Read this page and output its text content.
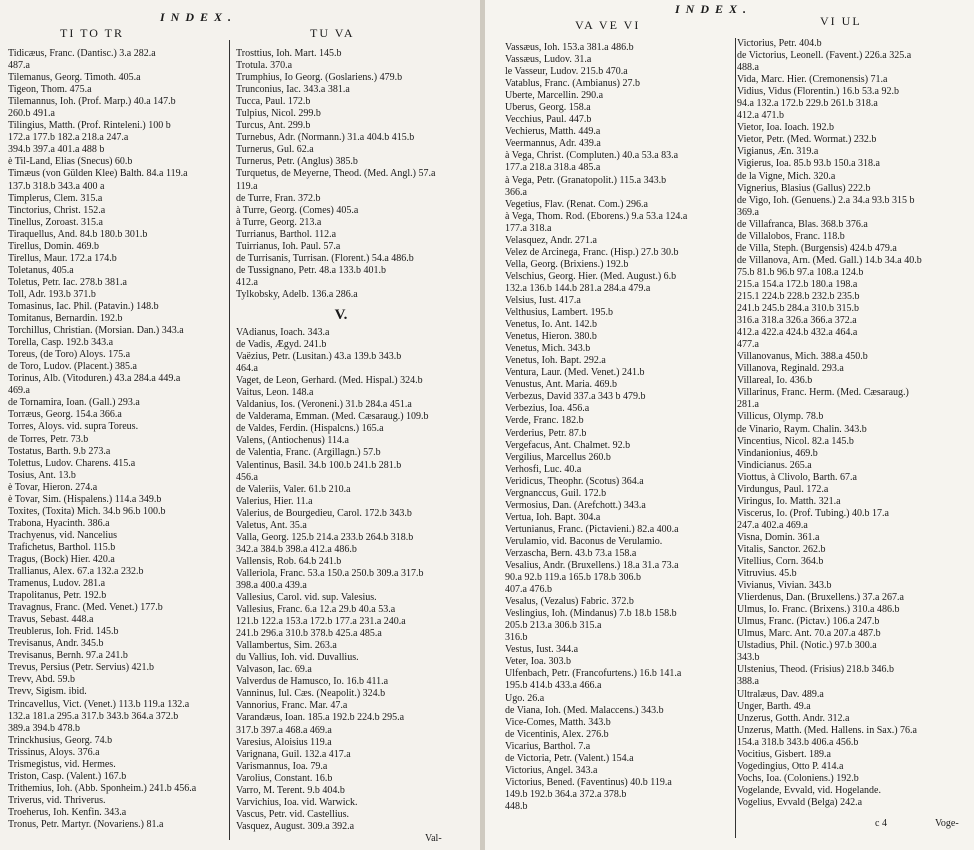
INDEX.
TI TO TR	TU VA
Tidicæus, Franc. (Dantisc.) 3.a 282.a
487.a
Tilemanus, Georg. Timoth. 405.a
Tigeon, Thom. 475.a
Tilemannus, Ioh. (Prof. Marp.) 40.a 147.b
260.b 491.a
Tilingius, Matth. (Prof. Rinteleni.) 100 b
172.a 177.b 182.a 218.a 247.a
394.b 397.a 401.a 488 b
è Til-Land, Elias (Snecus) 60.b
Timæus (von Gülden Klee) Balth. 84.a 119.a
137.b 318.b 343.a 400 a
Timplerus, Clem. 315.a
Tinctorius, Christ. 152.a
Tinellus, Zoroast. 315.a
Tiraquellus, And. 84.b 180.b 301.b
Tirellus, Domin. 469.b
Tirellus, Maur. 172.a 174.b
Toletanus, 405.a
Toletus, Petr. Iac. 278.b 381.a
Toll, Adr. 193.b 371.b
Tomasinus, Iac. Phil. (Patavin.) 148.b
Tomitanus, Bernardin. 192.b
Torchillus, Christian. (Morsian. Dan.) 343.a
Torella, Casp. 192.b 343.a
Toreus, (de Toro) Aloys. 175.a
de Toro, Ludov. (Placent.) 385.a
Torinus, Alb. (Vitoduren.) 43.a 284.a 449.a
469.a
de Tornamira, Ioan. (Gall.) 293.a
Torræus, Georg. 154.a 366.a
Torres, Aloys. vid. supra Toreus.
de Torres, Petr. 73.b
Tostatus, Barth. 9.b 273.a
Tolettus, Ludov. Charens. 415.a
Tosius, Ant. 13.b
è Tovar, Hieron. 274.a
è Tovar, Sim. (Hispalens.) 114.a 349.b
Toxites, (Toxita) Mich. 34.b 96.b 100.b
Trabona, Hyacinth. 386.a
Trachyenus, vid. Nancelius
Trafichetus, Barthol. 115.b
Tragus, (Bock) Hier. 420.a
Trallianus, Alex. 67.a 132.a 232.b
Tramenus, Ludov. 281.a
Trapolitanus, Petr. 192.b
Travagnus, Franc. (Med. Venet.) 177.b
Travus, Sebast. 448.a
Treublerus, Ioh. Frid. 145.b
Trevisanus, Andr. 345.b
Trevisanus, Bernh. 97.a 241.b
Trevus, Persius (Petr. Servius) 421.b
Trevv, Abd. 59.b
Trevv, Sigism. ibid.
Trincavellus, Vict. (Venet.) 113.b 119.a 132.a
132.a 181.a 295.a 317.b 343.b 364.a 372.b
389.a 394.b 478.b
Trinckhusius, Georg. 74.b
Trissinus, Aloys. 376.a
Trismegistus, vid. Hermes.
Triston, Casp. (Valent.) 167.b
Trithemius, Ioh. (Abb. Sponheim.) 241.b 456.a
Triverus, vid. Thriverus.
Troeherus, Ioh. Kenfin. 343.a
Tronus, Petr. Martyr. (Novariens.) 81.a
Trosttius, Ioh. Mart. 145.b
Trotula. 370.a
Trumphius, Io Georg. (Goslariens.) 479.b
Trunconius, Iac. 343.a 381.a
Tucca, Paul. 172.b
Tulpius, Nicol. 299.b
Turcus, Ant. 299.b
Turnebus, Adr. (Normann.) 31.a 404.b 415.b
Turnerus, Gul. 62.a
Turnerus, Petr. (Anglus) 385.b
Turquetus, de Meyerne, Theod. (Med. Angl.) 57.a
119.a
de Turre, Fran. 372.b
à Turre, Georg. (Comes) 405.a
à Turre, Georg. 213.a
Turrianus, Barthol. 112.a
Tuirrianus, Ioh. Paul. 57.a
de Turrisanis, Turrisan. (Florent.) 54.a 486.b
de Tussignano, Petr. 48.a 133.b 401.b
412.a
Tylkobsky, Adelb. 136.a 286.a
V.
VAdianus, Ioach. 343.a
de Vadis, Ægyd. 241.b
Vaëzius, Petr. (Lusitan.) 43.a 139.b 343.b
464.a
Vaget, de Leon, Gerhard. (Med. Hispal.) 324.b
Vaitus, Leon. 148.a
Valdanius, Ios. (Veroneni.) 31.b 284.a 451.a
de Valderama, Emman. (Med. Cæsaraug.) 109.b
de Valdes, Ferdin. (Hispalcns.) 165.a
Valens, (Antiochenus) 114.a
de Valentia, Franc. (Argillagn.) 57.b
Valentinus, Basil. 34.b 100.b 241.b 281.b
456.a
de Valeriis, Valer. 61.b 210.a
Valerius, Hier. 11.a
Valerius, de Bourgedieu, Carol. 172.b 343.b
Valetus, Ant. 35.a
Valla, Georg. 125.b 214.a 233.b 264.b 318.b
342.a 384.b 398.a 412.a 486.b
Vallensis, Rob. 64.b 241.b
Valleriola, Franc. 53.a 150.a 250.b 309.a 317.b
398.a 400.a 439.a
Vallesius, Carol. vid. sup. Valesius.
Vallesius, Franc. 6.a 12.a 29.b 40.a 53.a
121.b 122.a 153.a 172.b 177.a 231.a 240.a
241.b 296.a 310.b 378.b 425.a 485.a
Vallambertus, Sim. 263.a
du Vallius, Ioh. vid. Duvallius.
Valvason, Iac. 69.a
Valverdus de Hamusco, Io. 16.b 411.a
Vanninus, Iul. Cæs. (Neapolit.) 324.b
Vannorius, Franc. Mar. 47.a
Varandæus, Ioan. 185.a 192.b 224.b 295.a
317.b 397.a 468.a 469.a
Varesius, Aloisius 119.a
Varignana, Guil. 132.a 417.a
Varismannus, Ioa. 79.a
Varolius, Constant. 16.b
Varro, M. Terent. 9.b 404.b
Varvichius, Ioa. vid. Warwick.
Vascus, Petr. vid. Castellius.
Vasquez, August. 309.a 392.a
Val-
INDEX.
VA VE VI	VI UL
Vassæus, Ioh. 153.a 381.a 486.b
Vassæus, Ludov. 31.a
le Vasseur, Ludov. 215.b 470.a
Vatablus, Franc. (Ambianus) 27.b
Uberte, Marcellin. 290.a
Uberus, Georg. 158.a
Vecchius, Paul. 447.b
Vechierus, Matth. 449.a
Veermannus, Adr. 439.a
à Vega, Christ. (Compluten.) 40.a 53.a 83.a
177.a 218.a 318.a 485.a
à Vega, Petr. (Granatopolit.) 115.a 343.b
366.a
Vegetius, Flav. (Renat. Com.) 296.a
à Vega, Thom. Rod. (Eborens.) 9.a 53.a 124.a
177.a 318.a
Velasquez, Andr. 271.a
Velez de Arcinega, Franc. (Hisp.) 27.b 30.b
Vella, Georg. (Brixiens.) 192.b
Velschius, Georg. Hier. (Med. August.) 6.b
132.a 136.b 144.b 281.a 284.a 479.a
Velsius, Iust. 417.a
Velthusius, Lambert. 195.b
Venetus, Io. Ant. 142.b
Venetus, Hieron. 380.b
Venetus, Mich. 343.b
Venetus, Ioh. Bapt. 292.a
Ventura, Laur. (Med. Venet.) 241.b
Venustus, Ant. Maria. 469.b
Verbezus, David 337.a 343 b 479.b
Verbezius, Ioa. 456.a
Verde, Franc. 182.b
Verderius, Petr. 87.b
Vergefacus, Ant. Chalmet. 92.b
Vergilius, Marcellus 260.b
Verhosfi, Luc. 40.a
Veridicus, Theophr. (Scotus) 364.a
Vergnanccus, Guil. 172.b
Vermosius, Dan. (Arefchott.) 343.a
Vertua, Ioh. Bapt. 304.a
Vertunianus, Franc. (Pictavieni.) 82.a 400.a
Verulamio, vid. Baconus de Verulamio.
Verzascha, Bern. 43.b 73.a 158.a
Vesalius, Andr. (Bruxellens.) 18.a 31.a 73.a
90.a 92.b 119.a 165.b 178.b 306.b
407.a 476.b
Vesalus, (Vezalus) Fabric. 372.b
Veslingius, Ioh. (Mindanus) 7.b 18.b 158.b
205.b 213.a 306.b 315.a
316.b
Vestus, Iust. 344.a
Veter, Ioa. 303.b
Ulfenbach, Petr. (Francofurtens.) 16.b 141.a
195.b 414.b 433.a 466.a
Ugo. 26.a
de Viana, Ioh. (Med. Malaccens.) 343.b
Vice-Comes, Matth. 343.b
de Vicentinis, Alex. 276.b
Vicarius, Barthol. 7.a
de Victoria, Petr. (Valent.) 154.a
Victorius, Angel. 343.a
Victorius, Bened. (Faventinus) 40.b 119.a
149.b 192.b 364.a 372.a 378.b
448.b
Victorius, Petr. 404.b
de Victorius, Leonell. (Favent.) 226.a 325.a
488.a
Vida, Marc. Hier. (Cremonensis) 71.a
Vidius, Vidus (Florentin.) 16.b 53.a 92.b
94.a 132.a 172.b 229.b 261.b 318.a
412.a 471.b
Vietor, Ioa. Ioach. 192.b
Vietor, Petr. (Med. Wormat.) 232.b
Vigianus, Æn. 319.a
Vigierus, Ioa. 85.b 93.b 150.a 318.a
de la Vigne, Mich. 320.a
Vignerius, Blasius (Gallus) 222.b
de Vigo, Ioh. (Genuens.) 2.a 34.a 93.b 315 b
369.a
de Villafranca, Blas. 368.b 376.a
de Villalobos, Franc. 118.b
de Villa, Steph. (Burgensis) 424.b 479.a
de Villanova, Arn. (Med. Gall.) 14.b 34.a 40.b
75.b 81.b 96.b 97.a 108.a 124.b
215.a 154.a 172.b 180.a 198.a
215.1 224.b 228.b 232.b 235.b
241.b 245.b 284.a 310.b 315.b
316.a 318.a 326.a 366.a 372.a
412.a 422.a 424.b 432.a 464.a
477.a
Villanovanus, Mich. 388.a 450.b
Villanova, Reginald. 293.a
Villareal, Io. 436.b
Villarinus, Franc. Herm. (Med. Cæsaraug.)
281.a
Villicus, Olymp. 78.b
de Vinario, Raym. Chalin. 343.b
Vincentius, Nicol. 82.a 145.b
Vindanionius, 469.b
Vindicianus. 265.a
Viottus, à Clivolo, Barth. 67.a
Virdungus, Paul. 172.a
Viringus, Io. Matth. 321.a
Viscerus, Io. (Prof. Tubing.) 40.b 17.a
247.a 402.a 469.a
Visna, Domin. 361.a
Vitalis, Sanctor. 262.b
Vitellius, Corn. 364.b
Vitruvius. 45.b
Vivianus, Vivian. 343.b
Vlierdenus, Dan. (Bruxellens.) 37.a 267.a
Ulmus, Io. Franc. (Brixens.) 310.a 486.b
Ulmus, Franc. (Pictav.) 106.a 247.b
Ulmus, Marc. Ant. 70.a 207.a 487.b
Ulstadius, Phil. (Notic.) 97.b 300.a
343.b
Ulstenius, Theod. (Frisius) 218.b 346.b
388.a
Ultralæus, Dav. 489.a
Unger, Barth. 49.a
Unzerus, Gotth. Andr. 312.a
Unzerus, Matth. (Med. Hallens. in Sax.) 76.a
154.a 318.b 343.b 406.a 456.b
Vocitius, Gisbert. 189.a
Vogedingius, Otto P. 414.a
Vochs, Ioa. (Coloniens.) 192.b
Vogelande, Evvald, vid. Hogelande.
Vogelius, Evvald (Belga) 242.a
c 4	Voge-
